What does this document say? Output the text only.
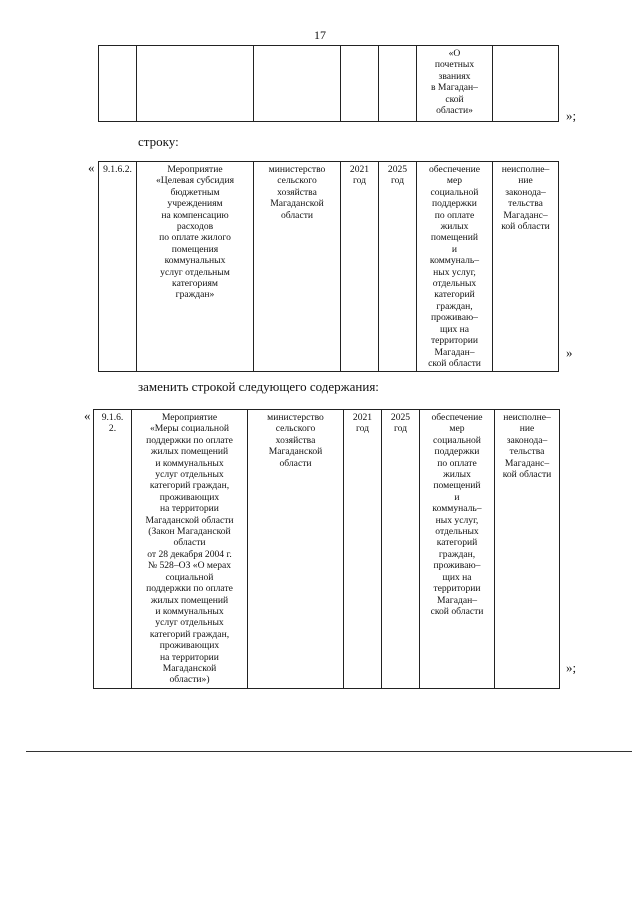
17
					«О
почетных
званиях
в Магадан–
ской
области»		»;
строку:
« 9.1.6.2.	Мероприятие
«Целевая субсидия
бюджетным
учреждениям
на компенсацию
расходов
по оплате жилого
помещения
коммунальных
услуг отдельным
категориям
граждан»	министерство
сельского
хозяйства
Магаданской
области	2021
год	2025
год	обеспечение
мер
социальной
поддержки
по оплате
жилых
помещений
и
коммуналь–
ных услуг,
отдельных
категорий
граждан,
проживаю–
щих на
территории
Магадан–
ской области	неисполне–
ние
законода–
тельства
Магаданс–
кой области
»
заменить строкой следующего содержания:
« 9.1.6.
2.	Мероприятие
«Меры социальной
поддержки по оплате
жилых помещений
и коммунальных
услуг отдельных
категорий граждан,
проживающих
на территории
Магаданской области
(Закон Магаданской
области
от 28 декабря 2004 г.
№ 528–ОЗ «О мерах
социальной
поддержки по оплате
жилых помещений
и коммунальных
услуг отдельных
категорий граждан,
проживающих
на территории
Магаданской
области»)	министерство
сельского
хозяйства
Магаданской
области	2021
год	2025
год	обеспечение
мер
социальной
поддержки
по оплате
жилых
помещений
и
коммуналь–
ных услуг,
отдельных
категорий
граждан,
проживаю–
щих на
территории
Магадан–
ской области	неисполне–
ние
законода–
тельства
Магаданс–
кой области
»;
